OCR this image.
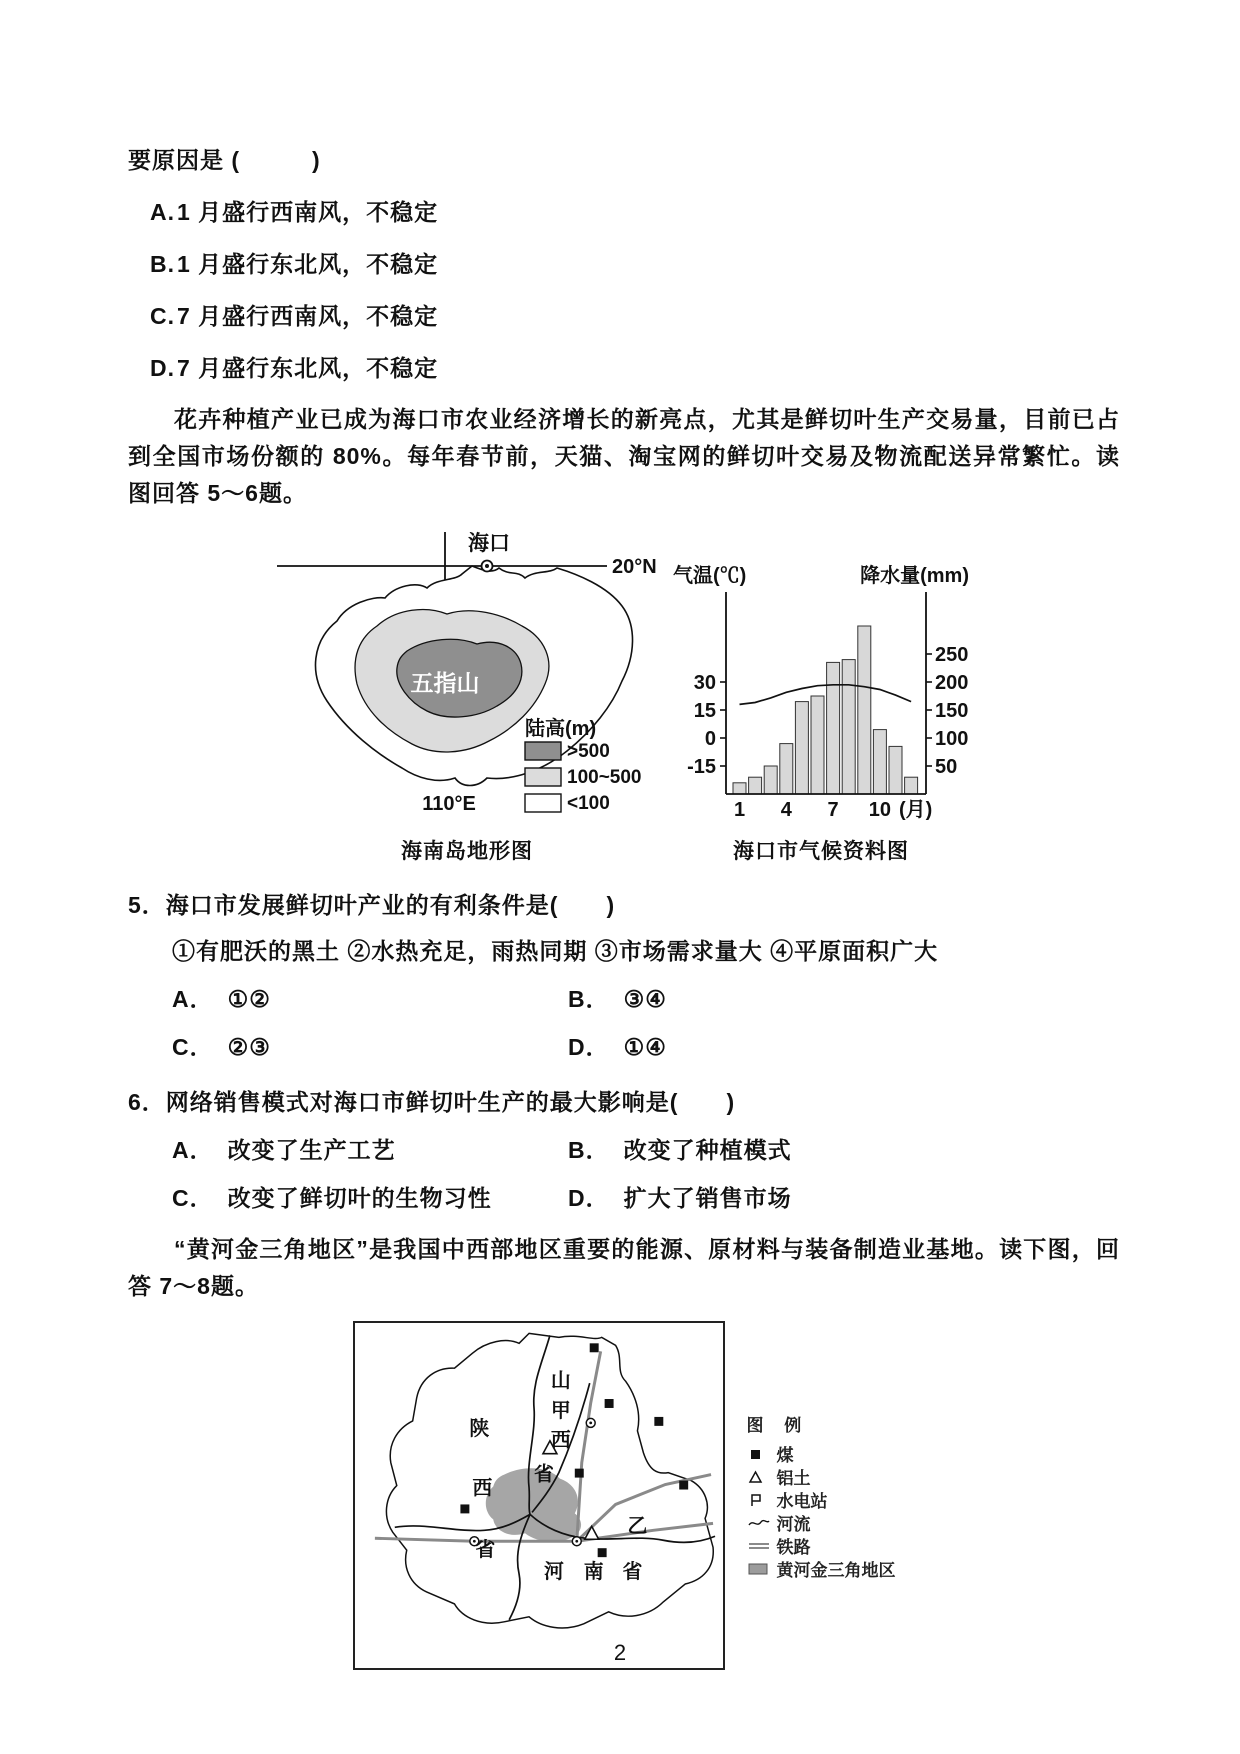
要原因是 (　　　)
A.1 月盛行西南风，不稳定
B.1 月盛行东北风，不稳定
C.7 月盛行西南风，不稳定
D.7 月盛行东北风，不稳定
花卉种植产业已成为海口市农业经济增长的新亮点，尤其是鲜切叶生产交易量，目前已占到全国市场份额的 80%。每年春节前，天猫、淘宝网的鲜切叶交易及物流配送异常繁忙。读图回答 5～6题。
五指山
海口
20°N
110°E
陆高(m)
>500
100~500
<100
海南岛地形图
气温(℃)	降水量(mm)
30
15
0
-15
250
200
150
100
50
1 4 7 10 (月)
海口市气候资料图
5．海口市发展鲜切叶产业的有利条件是(　　)
①有肥沃的黑土 ②水热充足，雨热同期 ③市场需求量大 ④平原面积广大
A． ①②	B． ③④
C． ②③	D． ①④
6．网络销售模式对海口市鲜切叶生产的最大影响是(　　)
A． 改变了生产工艺	B． 改变了种植模式
C． 改变了鲜切叶的生物习性	D． 扩大了销售市场
“黄河金三角地区”是我国中西部地区重要的能源、原材料与装备制造业基地。读下图，回答 7～8题。
山
甲
西
省
陕
西
省
河 南 省
乙
图 例
煤
铝土
水电站
河流
铁路
黄河金三角地区
2
